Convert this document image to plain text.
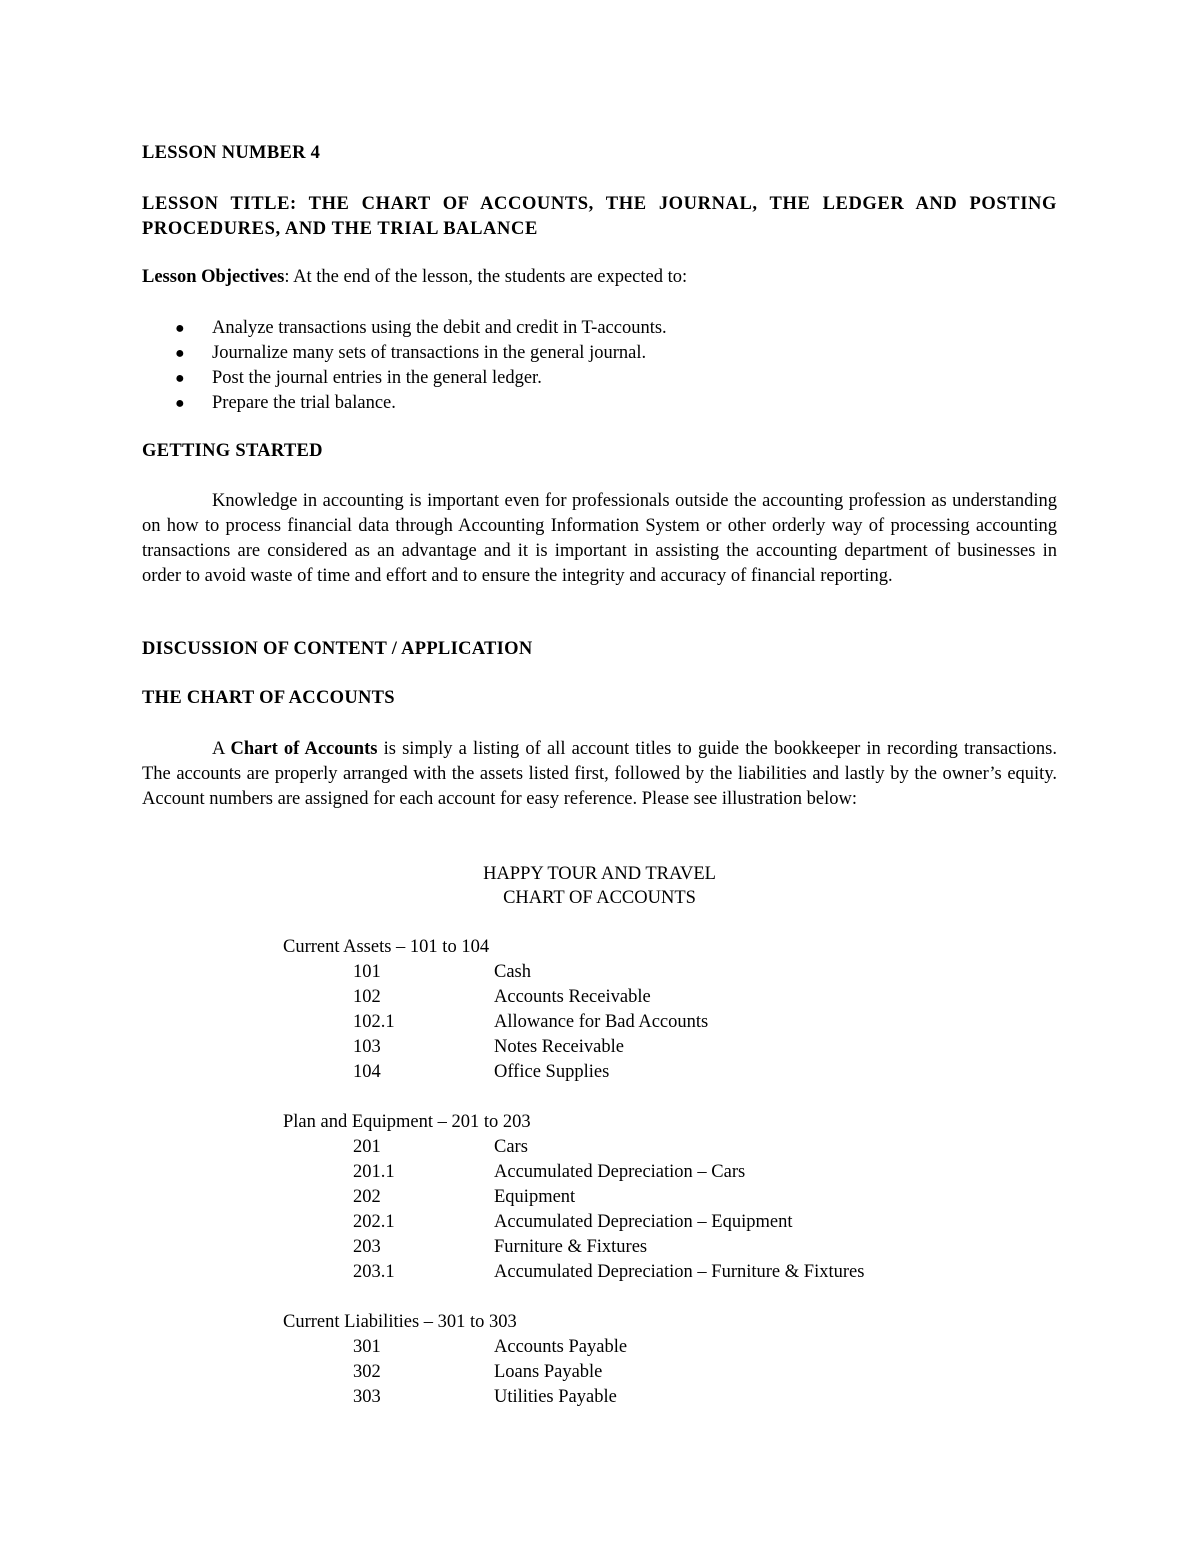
LESSON NUMBER 4
LESSON TITLE: THE CHART OF ACCOUNTS, THE JOURNAL, THE LEDGER AND POSTING PROCEDURES, AND THE TRIAL BALANCE
Lesson Objectives: At the end of the lesson, the students are expected to:
● Analyze transactions using the debit and credit in T-accounts.
● Journalize many sets of transactions in the general journal.
● Post the journal entries in the general ledger.
● Prepare the trial balance.
GETTING STARTED

Knowledge in accounting is important even for professionals outside the accounting profession as understanding on how to process financial data through Accounting Information System or other orderly way of processing accounting transactions are considered as an advantage and it is important in assisting the accounting department of businesses in order to avoid waste of time and effort and to ensure the integrity and accuracy of financial reporting.

DISCUSSION OF CONTENT / APPLICATION
THE CHART OF ACCOUNTS

A Chart of Accounts is simply a listing of all account titles to guide the bookkeeper in recording transactions. The accounts are properly arranged with the assets listed first, followed by the liabilities and lastly by the owner’s equity. Account numbers are assigned for each account for easy reference. Please see illustration below:

HAPPY TOUR AND TRAVEL
CHART OF ACCOUNTS
Current Assets – 101 to 104
101	Cash
102	Accounts Receivable
102.1	Allowance for Bad Accounts
103	Notes Receivable
104	Office Supplies
Plan and Equipment – 201 to 203
201	Cars
201.1	Accumulated Depreciation – Cars
202	Equipment
202.1	Accumulated Depreciation – Equipment
203	Furniture & Fixtures
203.1	Accumulated Depreciation – Furniture & Fixtures
Current Liabilities – 301 to 303
301	Accounts Payable
302	Loans Payable
303	Utilities Payable
